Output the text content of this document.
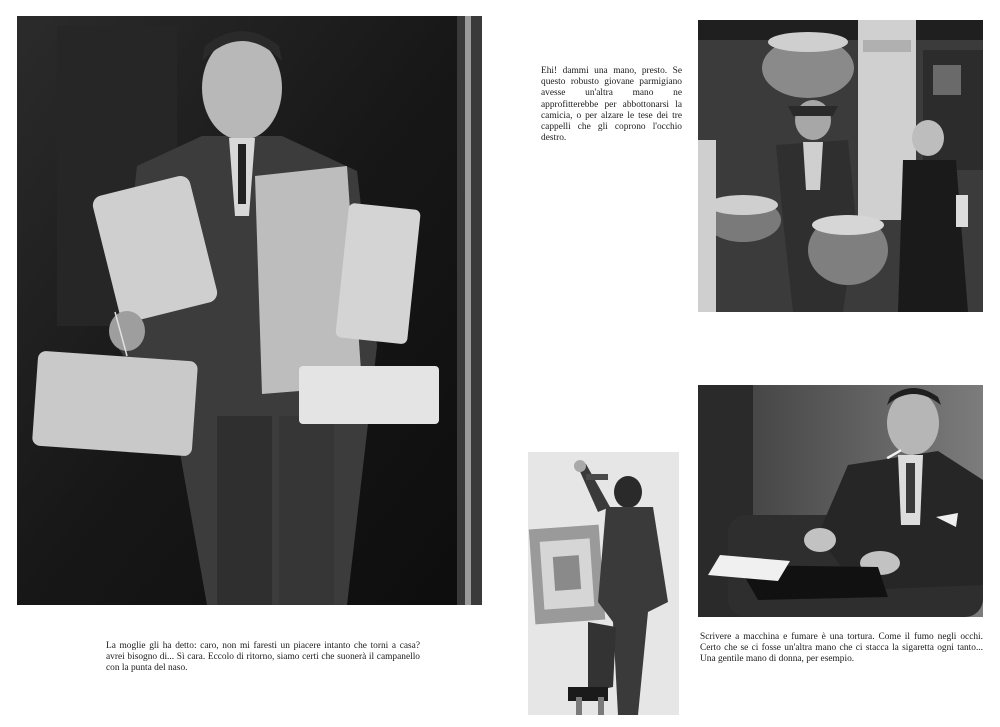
La moglie gli ha detto: caro, non mi faresti un piacere intanto che torni a casa? avrei bisogno di... Sì cara. Eccolo di ritorno, siamo certi che suonerà il campanello con la punta del naso.

Ehi! dammi una mano, presto. Se questo robusto giovane parmigiano avesse un'altra mano ne approfitterebbe per abbottonarsi la camicia, o per alzare le tese dei tre cappelli che gli coprono l'occhio destro.

Scrivere a macchina e fumare è una tortura. Come il fumo negli occhi. Certo che se ci fosse un'altra mano che ci stacca la sigaretta ogni tanto... Una gentile mano di donna, per esempio.
